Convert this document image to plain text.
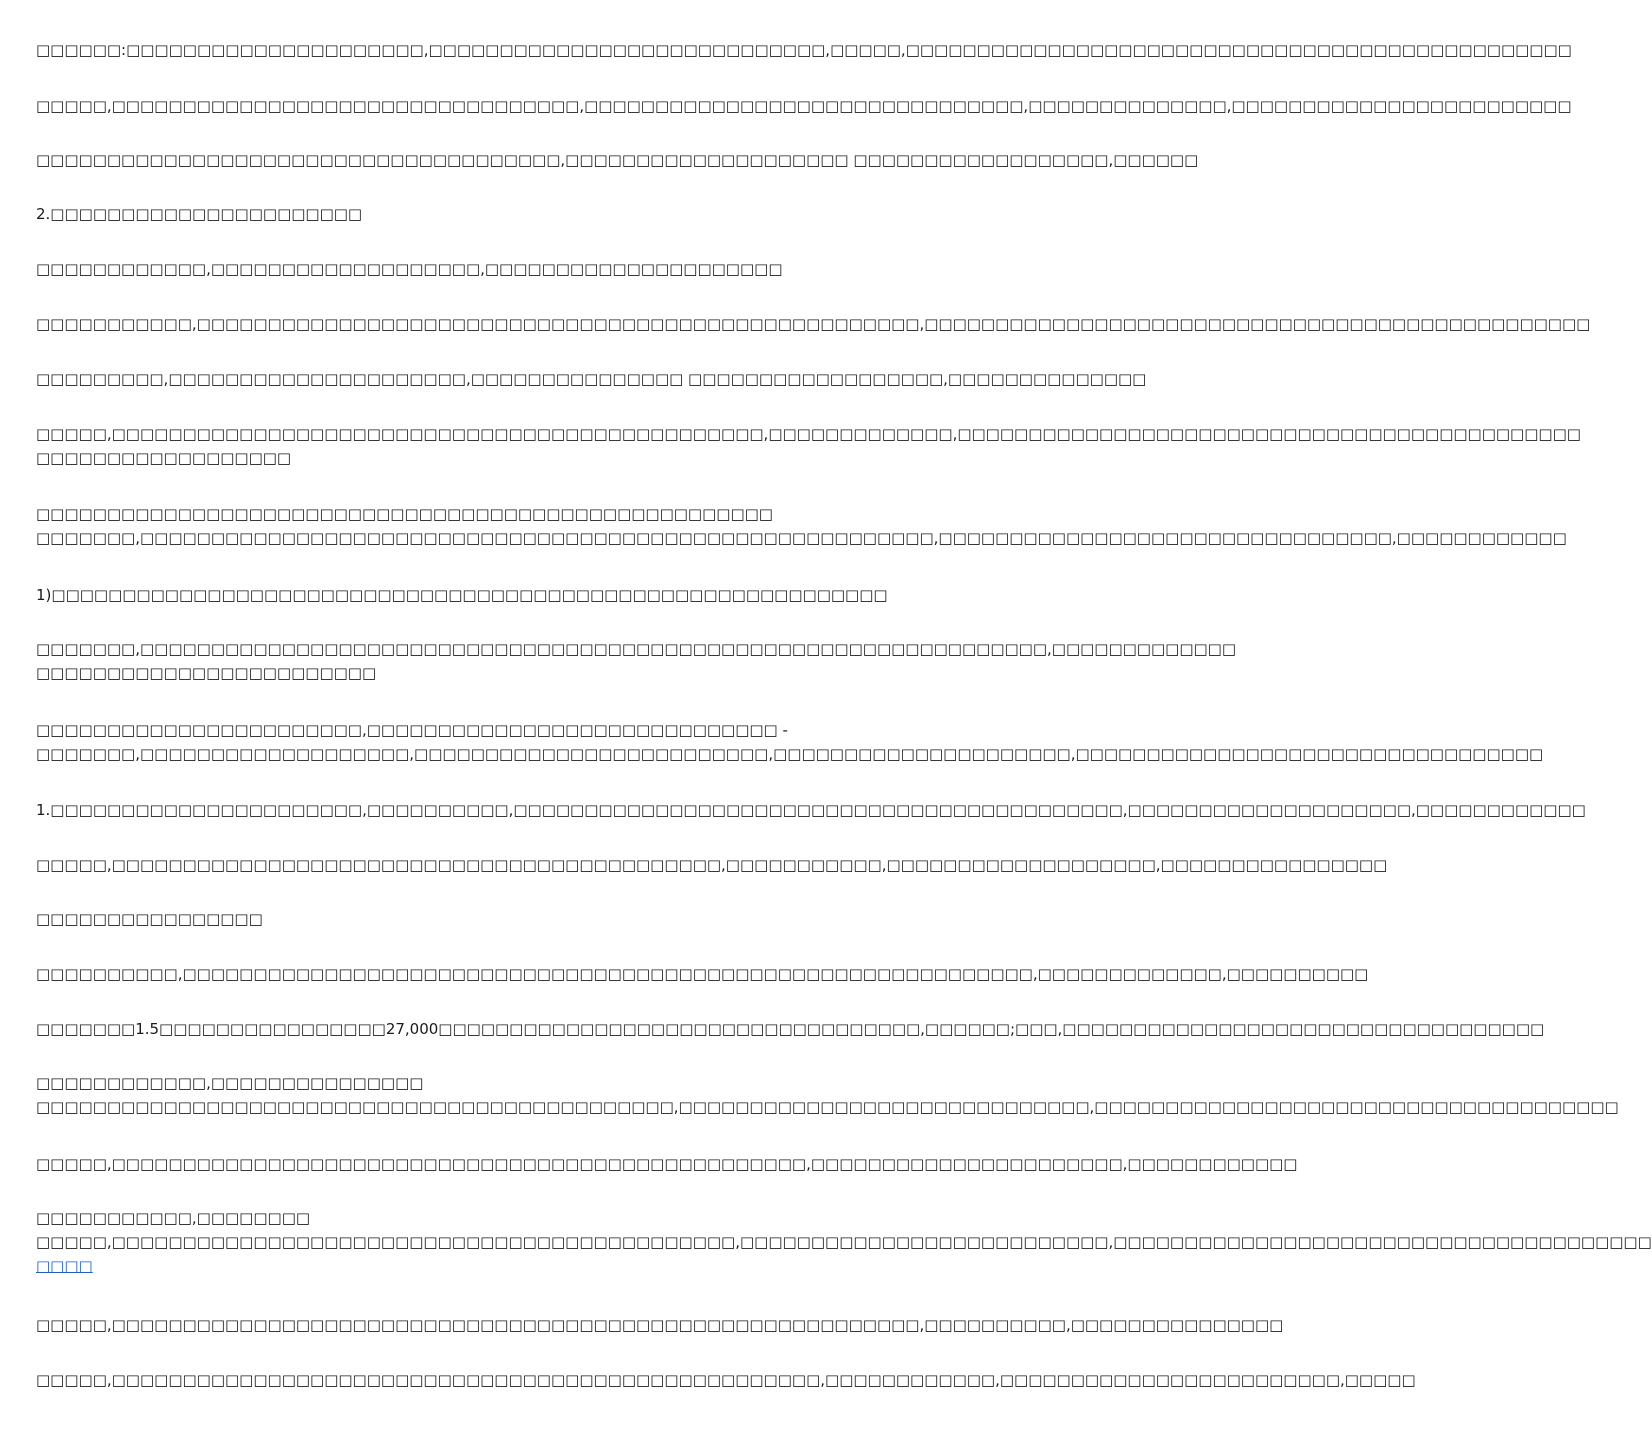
□□□□□□:□□□□□□□□□□□□□□□□□□□□□,□□□□□□□□□□□□□□□□□□□□□□□□□□□□,□□□□□,□□□□□□□□□□□□□□□□□□□□□□□□□□□□□□□□□□□□□□□□□□□□□□□

□□□□□,□□□□□□□□□□□□□□□□□□□□□□□□□□□□□□□□□,□□□□□□□□□□□□□□□□□□□□□□□□□□□□□□□,□□□□□□□□□□□□□□,□□□□□□□□□□□□□□□□□□□□□□□□

□□□□□□□□□□□□□□□□□□□□□□□□□□□□□□□□□□□□□,□□□□□□□□□□□□□□□□□□□□ □□□□□□□□□□□□□□□□□□,□□□□□□

2.□□□□□□□□□□□□□□□□□□□□□□

□□□□□□□□□□□□,□□□□□□□□□□□□□□□□□□□,□□□□□□□□□□□□□□□□□□□□□

□□□□□□□□□□□,□□□□□□□□□□□□□□□□□□□□□□□□□□□□□□□□□□□□□□□□□□□□□□□□□□□,□□□□□□□□□□□□□□□□□□□□□□□□□□□□□□□□□□□□□□□□□□□□□□□

□□□□□□□□□,□□□□□□□□□□□□□□□□□□□□□,□□□□□□□□□□□□□□□ □□□□□□□□□□□□□□□□□□,□□□□□□□□□□□□□□

□□□□□,□□□□□□□□□□□□□□□□□□□□□□□□□□□□□□□□□□□□□□□□□□□□□□,□□□□□□□□□□□□□,□□□□□□□□□□□□□□□□□□□□□□□□□□□□□□□□□□□□□□□□□□□□
□□□□□□□□□□□□□□□□□□

□□□□□□□□□□□□□□□□□□□□□□□□□□□□□□□□□□□□□□□□□□□□□□□□□□□□
□□□□□□□,□□□□□□□□□□□□□□□□□□□□□□□□□□□□□□□□□□□□□□□□□□□□□□□□□□□□□□□□,□□□□□□□□□□□□□□□□□□□□□□□□□□□□□□□□,□□□□□□□□□□□□

1)□□□□□□□□□□□□□□□□□□□□□□□□□□□□□□□□□□□□□□□□□□□□□□□□□□□□□□□□□□□

□□□□□□□,□□□□□□□□□□□□□□□□□□□□□□□□□□□□□□□□□□□□□□□□□□□□□□□□□□□□□□□□□□□□□□□□,□□□□□□□□□□□□□
□□□□□□□□□□□□□□□□□□□□□□□□

□□□□□□□□□□□□□□□□□□□□□□□,□□□□□□□□□□□□□□□□□□□□□□□□□□□□□ -
□□□□□□□,□□□□□□□□□□□□□□□□□□□,□□□□□□□□□□□□□□□□□□□□□□□□□,□□□□□□□□□□□□□□□□□□□□□,□□□□□□□□□□□□□□□□□□□□□□□□□□□□□□□□□

1.□□□□□□□□□□□□□□□□□□□□□□,□□□□□□□□□□,□□□□□□□□□□□□□□□□□□□□□□□□□□□□□□□□□□□□□□□□□□□,□□□□□□□□□□□□□□□□□□□□,□□□□□□□□□□□□

□□□□□,□□□□□□□□□□□□□□□□□□□□□□□□□□□□□□□□□□□□□□□□□□□,□□□□□□□□□□□,□□□□□□□□□□□□□□□□□□□,□□□□□□□□□□□□□□□□

□□□□□□□□□□□□□□□□

□□□□□□□□□□,□□□□□□□□□□□□□□□□□□□□□□□□□□□□□□□□□□□□□□□□□□□□□□□□□□□□□□□□□□□□,□□□□□□□□□□□□□,□□□□□□□□□□

□□□□□□□1.5□□□□□□□□□□□□□□□□27,000□□□□□□□□□□□□□□□□□□□□□□□□□□□□□□□□□□,□□□□□□;□□□,□□□□□□□□□□□□□□□□□□□□□□□□□□□□□□□□□□

□□□□□□□□□□□□,□□□□□□□□□□□□□□□
□□□□□□□□□□□□□□□□□□□□□□□□□□□□□□□□□□□□□□□□□□□□□,□□□□□□□□□□□□□□□□□□□□□□□□□□□□□,□□□□□□□□□□□□□□□□□□□□□□□□□□□□□□□□□□□□□

□□□□□,□□□□□□□□□□□□□□□□□□□□□□□□□□□□□□□□□□□□□□□□□□□□□□□□□,□□□□□□□□□□□□□□□□□□□□□□,□□□□□□□□□□□□

□□□□□□□□□□□,□□□□□□□□
□□□□□,□□□□□□□□□□□□□□□□□□□□□□□□□□□□□□□□□□□□□□□□□□□□,□□□□□□□□□□□□□□□□□□□□□□□□□□,□□□□□□□□□□□□□□□□□□□□□□□□□□□□□□□□□□□□□□
□□□□

□□□□□,□□□□□□□□□□□□□□□□□□□□□□□□□□□□□□□□□□□□□□□□□□□□□□□□□□□□□□□□□,□□□□□□□□□□,□□□□□□□□□□□□□□□

□□□□□,□□□□□□□□□□□□□□□□□□□□□□□□□□□□□□□□□□□□□□□□□□□□□□□□□□,□□□□□□□□□□□□,□□□□□□□□□□□□□□□□□□□□□□□□,□□□□□
